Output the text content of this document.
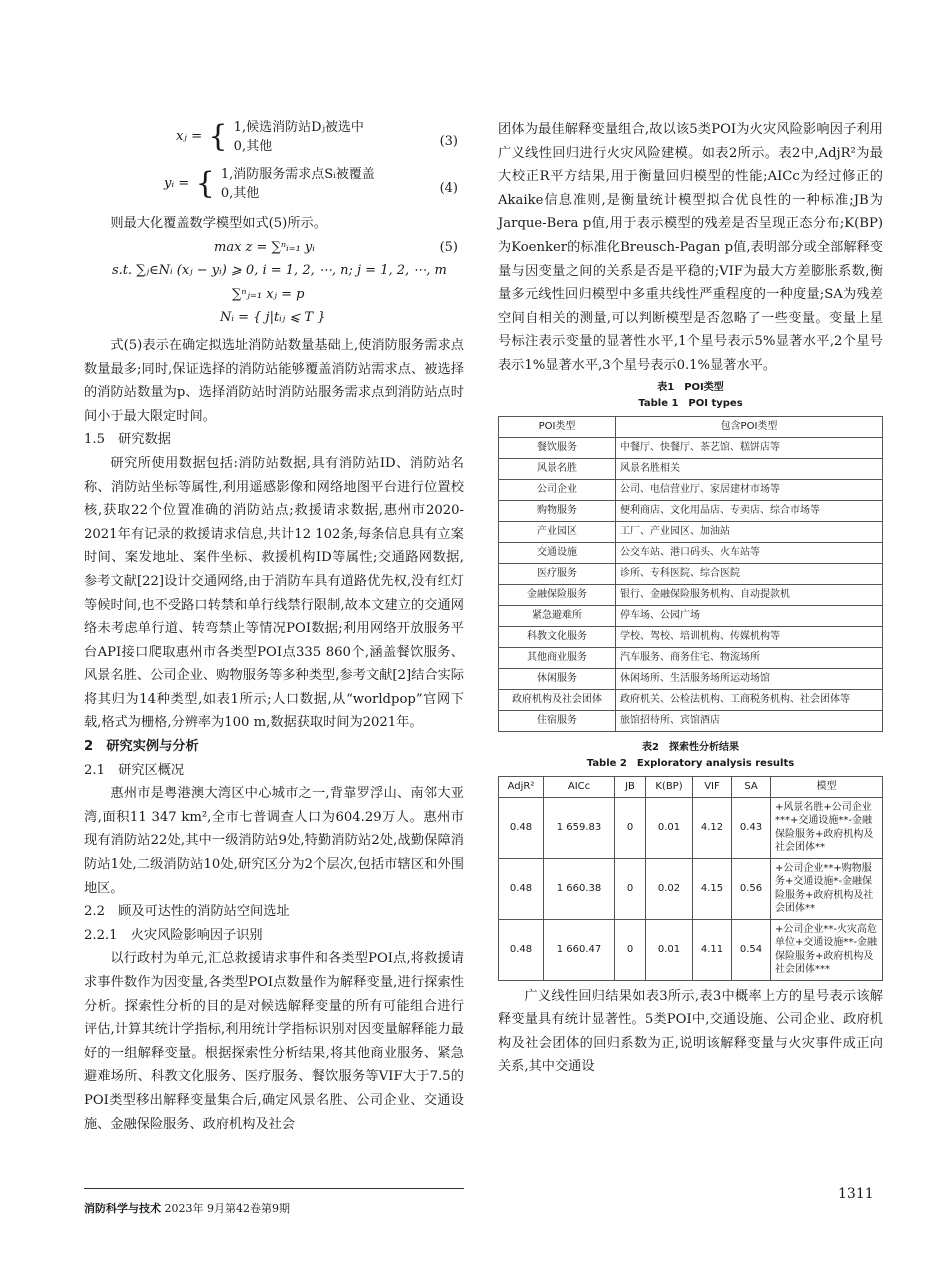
xⱼ = { 1,候选消防站Dⱼ被选中
0,其他	(3)
yᵢ = { 1,消防服务需求点Sᵢ被覆盖
0,其他	(4)

则最大化覆盖数学模型如式(5)所示。

max z = ∑ⁿᵢ₌₁ yᵢ	(5)
s.t. ∑ⱼ∈Nᵢ (xⱼ − yᵢ) ⩾ 0, i = 1, 2, ⋯, n; j = 1, 2, ⋯, m
∑ⁿⱼ₌₁ xⱼ = p
Nᵢ = { j|tᵢⱼ ⩽ T }

式(5)表示在确定拟选址消防站数量基础上,使消防服务需求点数量最多;同时,保证选择的消防站能够覆盖消防站需求点、被选择的消防站数量为p、选择消防站时消防站服务需求点到消防站点时间小于最大限定时间。

1.5　研究数据

研究所使用数据包括:消防站数据,具有消防站ID、消防站名称、消防站坐标等属性,利用遥感影像和网络地图平台进行位置校核,获取22个位置准确的消防站点;救援请求数据,惠州市2020-2021年有记录的救援请求信息,共计12 102条,每条信息具有立案时间、案发地址、案件坐标、救援机构ID等属性;交通路网数据,参考文献[22]设计交通网络,由于消防车具有道路优先权,没有红灯等候时间,也不受路口转禁和单行线禁行限制,故本文建立的交通网络未考虑单行道、转弯禁止等情况POI数据;利用网络开放服务平台API接口爬取惠州市各类型POI点335 860个,涵盖餐饮服务、风景名胜、公司企业、购物服务等多种类型,参考文献[2]结合实际将其归为14种类型,如表1所示;人口数据,从“worldpop”官网下载,格式为栅格,分辨率为100 m,数据获取时间为2021年。

2　研究实例与分析
2.1　研究区概况

惠州市是粤港澳大湾区中心城市之一,背靠罗浮山、南邻大亚湾,面积11 347 km²,全市七普调查人口为604.29万人。惠州市现有消防站22处,其中一级消防站9处,特勤消防站2处,战勤保障消防站1处,二级消防站10处,研究区分为2个层次,包括市辖区和外围地区。

2.2　顾及可达性的消防站空间选址
2.2.1　火灾风险影响因子识别

以行政村为单元,汇总救援请求事件和各类型POI点,将救援请求事件数作为因变量,各类型POI点数量作为解释变量,进行探索性分析。探索性分析的目的是对候选解释变量的所有可能组合进行评估,计算其统计学指标,利用统计学指标识别对因变量解释能力最好的一组解释变量。根据探索性分析结果,将其他商业服务、紧急避难场所、科教文化服务、医疗服务、餐饮服务等VIF大于7.5的POI类型移出解释变量集合后,确定风景名胜、公司企业、交通设施、金融保险服务、政府机构及社会

团体为最佳解释变量组合,故以该5类POI为火灾风险影响因子利用广义线性回归进行火灾风险建模。如表2所示。表2中,AdjR²为最大校正R平方结果,用于衡量回归模型的性能;AICc为经过修正的Akaike信息准则,是衡量统计模型拟合优良性的一种标准;JB为Jarque-Bera p值,用于表示模型的残差是否呈现正态分布;K(BP)为Koenker的标准化Breusch-Pagan p值,表明部分或全部解释变量与因变量之间的关系是否是平稳的;VIF为最大方差膨胀系数,衡量多元线性回归模型中多重共线性严重程度的一种度量;SA为残差空间自相关的测量,可以判断模型是否忽略了一些变量。变量上星号标注表示变量的显著性水平,1个星号表示5%显著水平,2个星号表示1%显著水平,3个星号表示0.1%显著水平。

表1　POI类型
Table 1　POI types
POI类型	包含POI类型
餐饮服务	中餐厅、快餐厅、茶艺馆、糕饼店等
风景名胜	风景名胜相关
公司企业	公司、电信营业厅、家居建材市场等
购物服务	便利商店、文化用品店、专卖店、综合市场等
产业园区	工厂、产业园区、加油站
交通设施	公交车站、港口码头、火车站等
医疗服务	诊所、专科医院、综合医院
金融保险服务	银行、金融保险服务机构、自动提款机
紧急避难所	停车场、公园广场
科教文化服务	学校、驾校、培训机构、传媒机构等
其他商业服务	汽车服务、商务住宅、物流场所
休闲服务	休闲场所、生活服务场所运动场馆
政府机构及社会团体	政府机关、公检法机构、工商税务机构、社会团体等
住宿服务	旅馆招待所、宾馆酒店
表2　探索性分析结果
Table 2　Exploratory analysis results
AdjR²	AICc	JB	K(BP)	VIF	SA	模型
0.48	1 659.83	0	0.01	4.12	0.43	+风景名胜+公司企业***+交通设施**-金融保险服务+政府机构及社会团体**
0.48	1 660.38	0	0.02	4.15	0.56	+公司企业**+购物服务+交通设施*-金融保险服务+政府机构及社会团体**
0.48	1 660.47	0	0.01	4.11	0.54	+公司企业**-火灾高危单位+交通设施**-金融保险服务+政府机构及社会团体***

广义线性回归结果如表3所示,表3中概率上方的星号表示该解释变量具有统计显著性。5类POI中,交通设施、公司企业、政府机构及社会团体的回归系数为正,说明该解释变量与火灾事件成正向关系,其中交通设

消防科学与技术 2023年 9月第42卷第9期
1311
